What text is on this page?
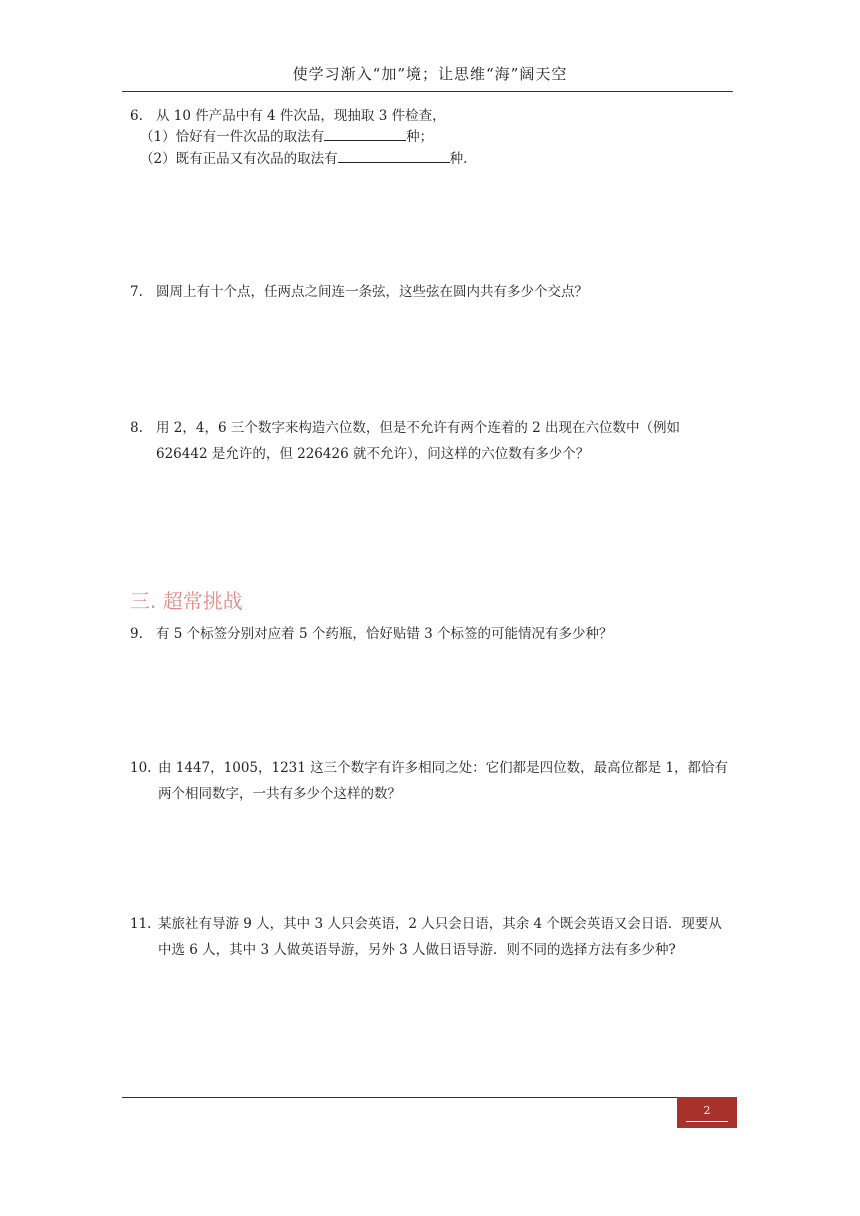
使学习渐入“加”境；让思维“海”阔天空
6. 从 10 件产品中有 4 件次品，现抽取 3 件检查，
（1）恰好有一件次品的取法有	种；
（2）既有正品又有次品的取法有	种.
7. 圆周上有十个点，任两点之间连一条弦，这些弦在圆内共有多少个交点？
8. 用 2，4，6 三个数字来构造六位数，但是不允许有两个连着的 2 出现在六位数中（例如 626442 是允许的，但 226426 就不允许），问这样的六位数有多少个？
三. 超常挑战
9. 有 5 个标签分别对应着 5 个药瓶，恰好贴错 3 个标签的可能情况有多少种？
10. 由 1447，1005，1231 这三个数字有许多相同之处：它们都是四位数，最高位都是 1，都恰有两个相同数字，一共有多少个这样的数？
11. 某旅社有导游 9 人，其中 3 人只会英语，2 人只会日语，其余 4 个既会英语又会日语．现要从中选 6 人，其中 3 人做英语导游，另外 3 人做日语导游．则不同的选择方法有多少种?
2
